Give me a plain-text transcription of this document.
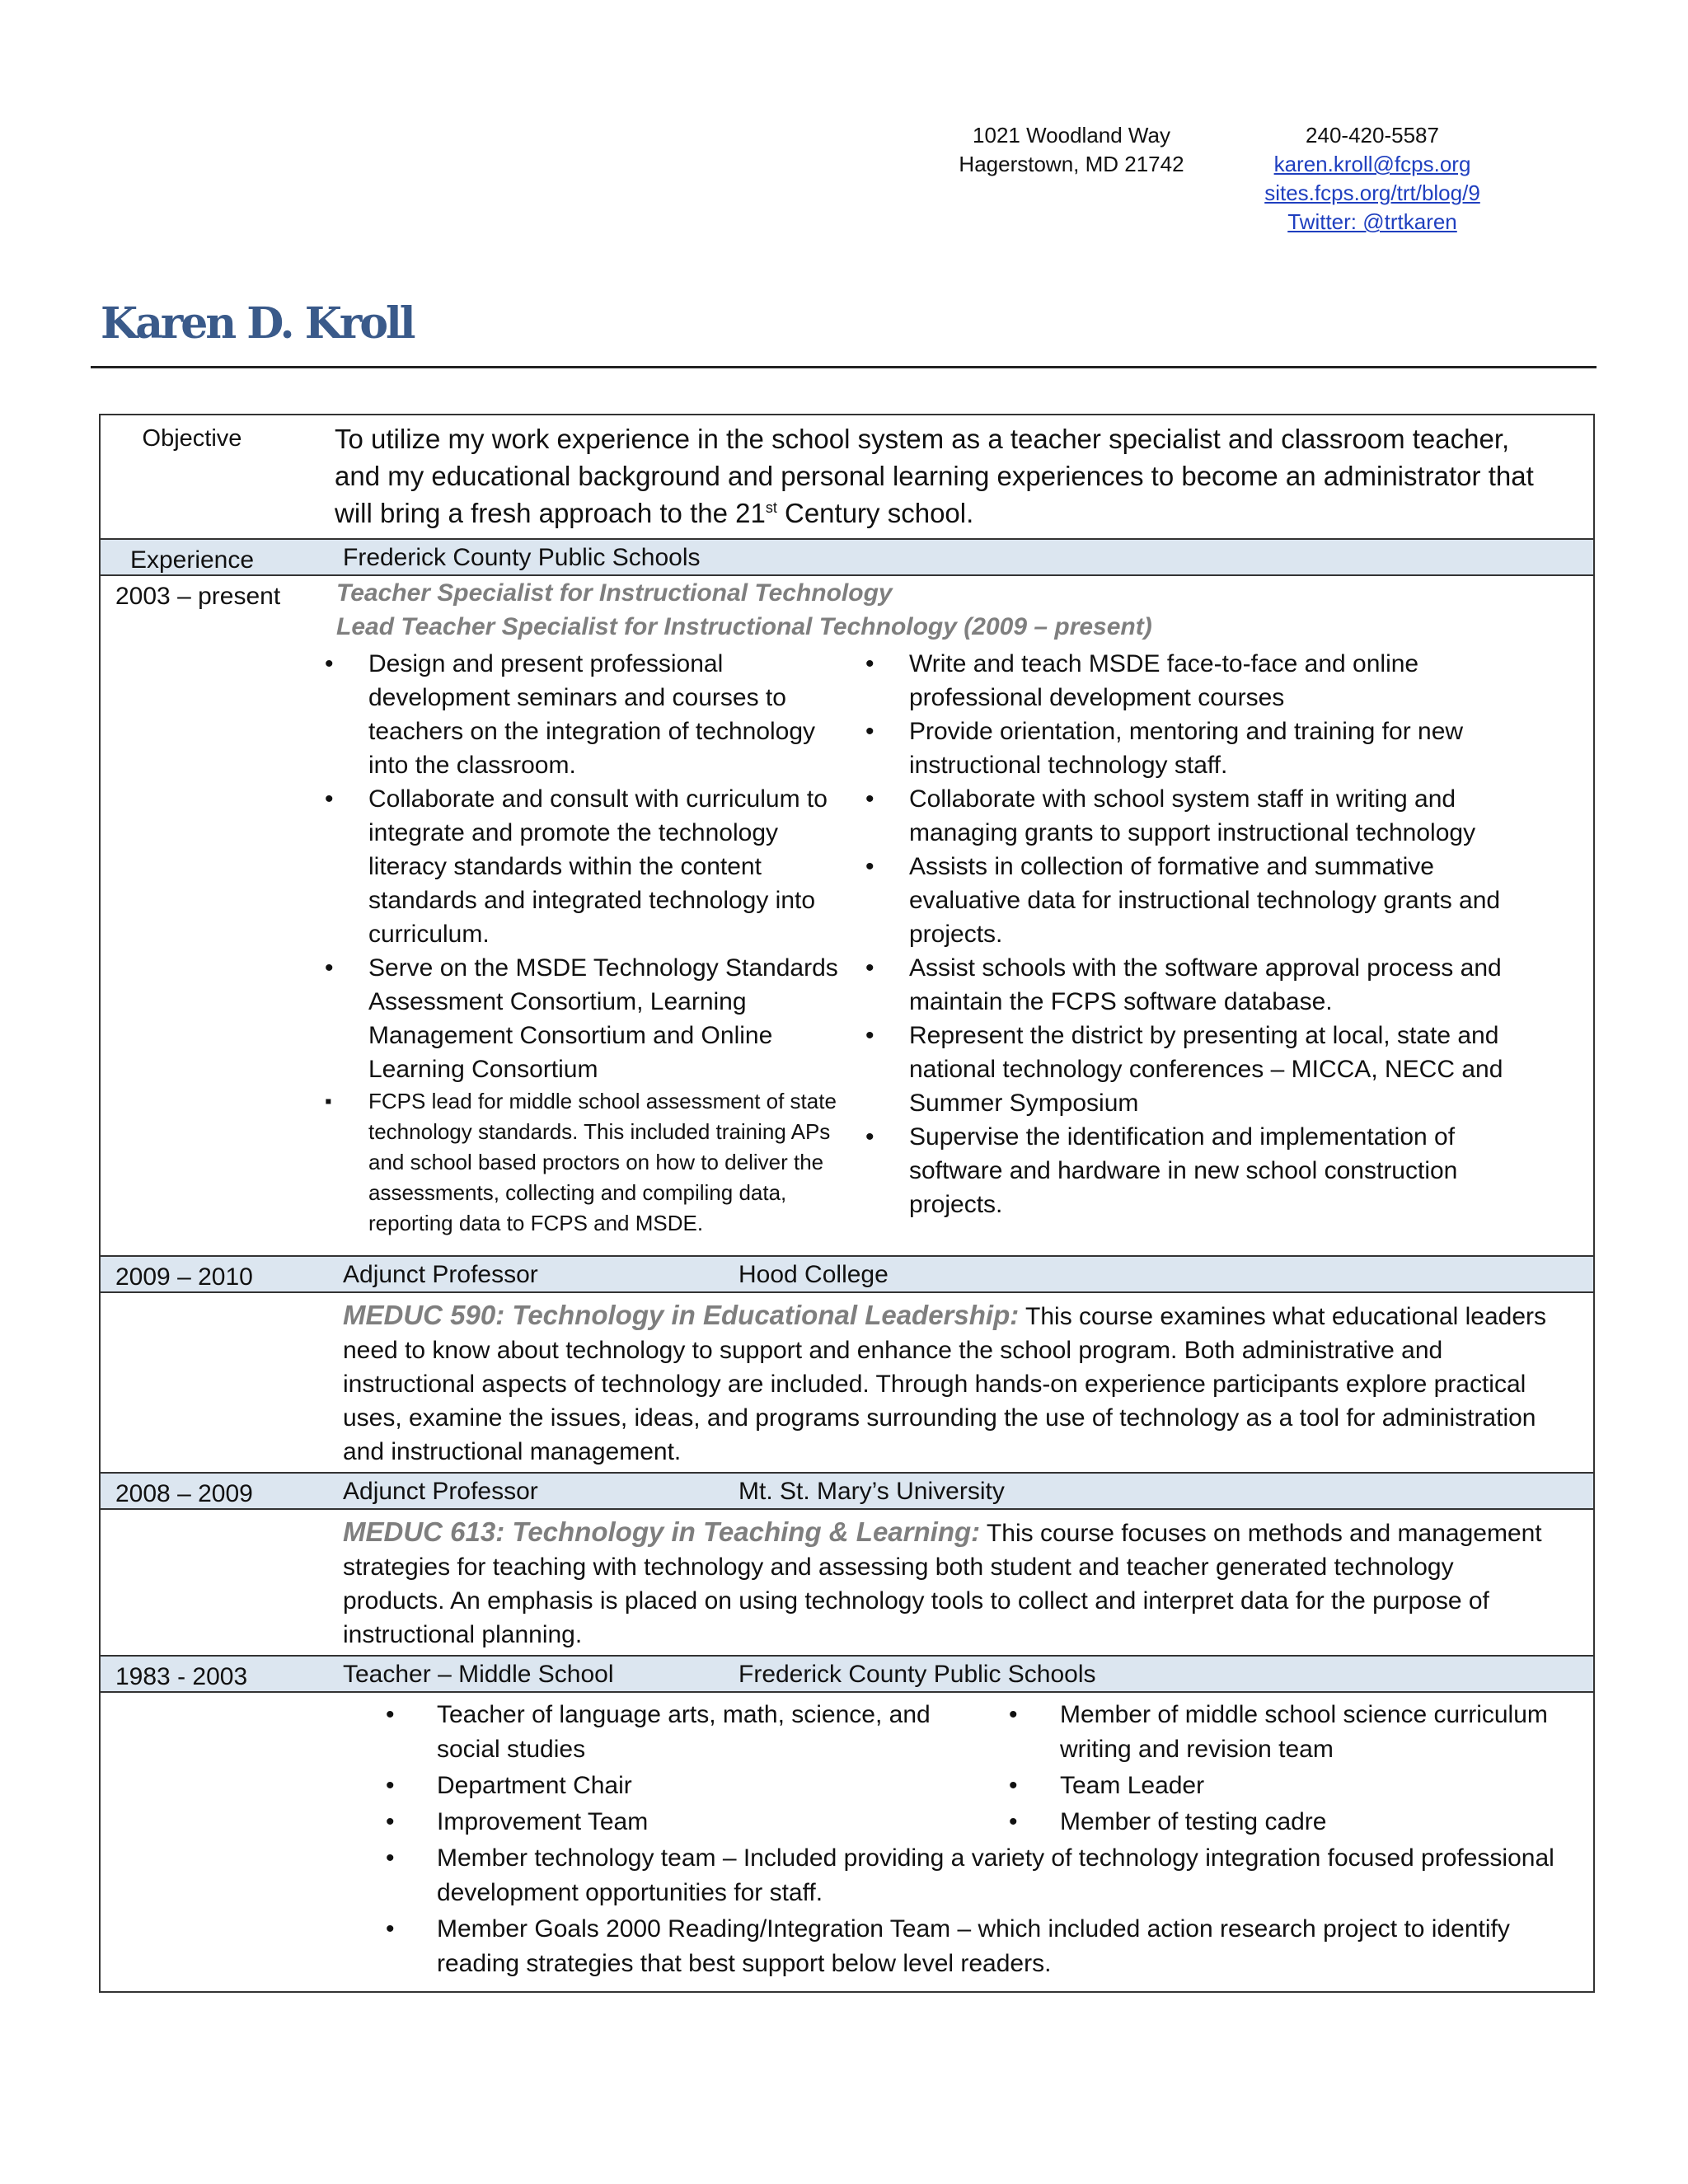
1021 Woodland Way
Hagerstown, MD 21742
240-420-5587
karen.kroll@fcps.org
sites.fcps.org/trt/blog/9
Twitter: @trtkaren
Karen D. Kroll
Objective	To utilize my work experience in the school system as a teacher specialist and classroom teacher, and my educational background and personal learning experiences to become an administrator that will bring a fresh approach to the 21st Century school.
Experience	Frederick County Public Schools
2003 – present	Teacher Specialist for Instructional Technology
Lead Teacher Specialist for Instructional Technology (2009 – present)
• Design and present professional development seminars and courses to teachers on the integration of technology into the classroom.
• Collaborate and consult with curriculum to integrate and promote the technology literacy standards within the content standards and integrated technology into curriculum.
• Serve on the MSDE Technology Standards Assessment Consortium, Learning Management Consortium and Online Learning Consortium
▪ FCPS lead for middle school assessment of state technology standards. This included training APs and school based proctors on how to deliver the assessments, collecting and compiling data, reporting data to FCPS and MSDE.
• Write and teach MSDE face-to-face and online professional development courses
• Provide orientation, mentoring and training for new instructional technology staff.
• Collaborate with school system staff in writing and managing grants to support instructional technology
• Assists in collection of formative and summative evaluative data for instructional technology grants and projects.
• Assist schools with the software approval process and maintain the FCPS software database.
• Represent the district by presenting at local, state and national technology conferences – MICCA, NECC and Summer Symposium
• Supervise the identification and implementation of software and hardware in new school construction projects.
2009 – 2010	Adjunct Professor	Hood College
MEDUC 590: Technology in Educational Leadership: This course examines what educational leaders need to know about technology to support and enhance the school program. Both administrative and instructional aspects of technology are included. Through hands-on experience participants explore practical uses, examine the issues, ideas, and programs surrounding the use of technology as a tool for administration and instructional management.
2008 – 2009	Adjunct Professor	Mt. St. Mary’s University
MEDUC 613: Technology in Teaching & Learning: This course focuses on methods and management strategies for teaching with technology and assessing both student and teacher generated technology products. An emphasis is placed on using technology tools to collect and interpret data for the purpose of instructional planning.
1983 - 2003	Teacher – Middle School	Frederick County Public Schools
• Teacher of language arts, math, science, and social studies
• Department Chair
• Improvement Team
• Member of middle school science curriculum writing and revision team
• Team Leader
• Member of testing cadre
• Member technology team – Included providing a variety of technology integration focused professional development opportunities for staff.
• Member Goals 2000 Reading/Integration Team – which included action research project to identify reading strategies that best support below level readers.
